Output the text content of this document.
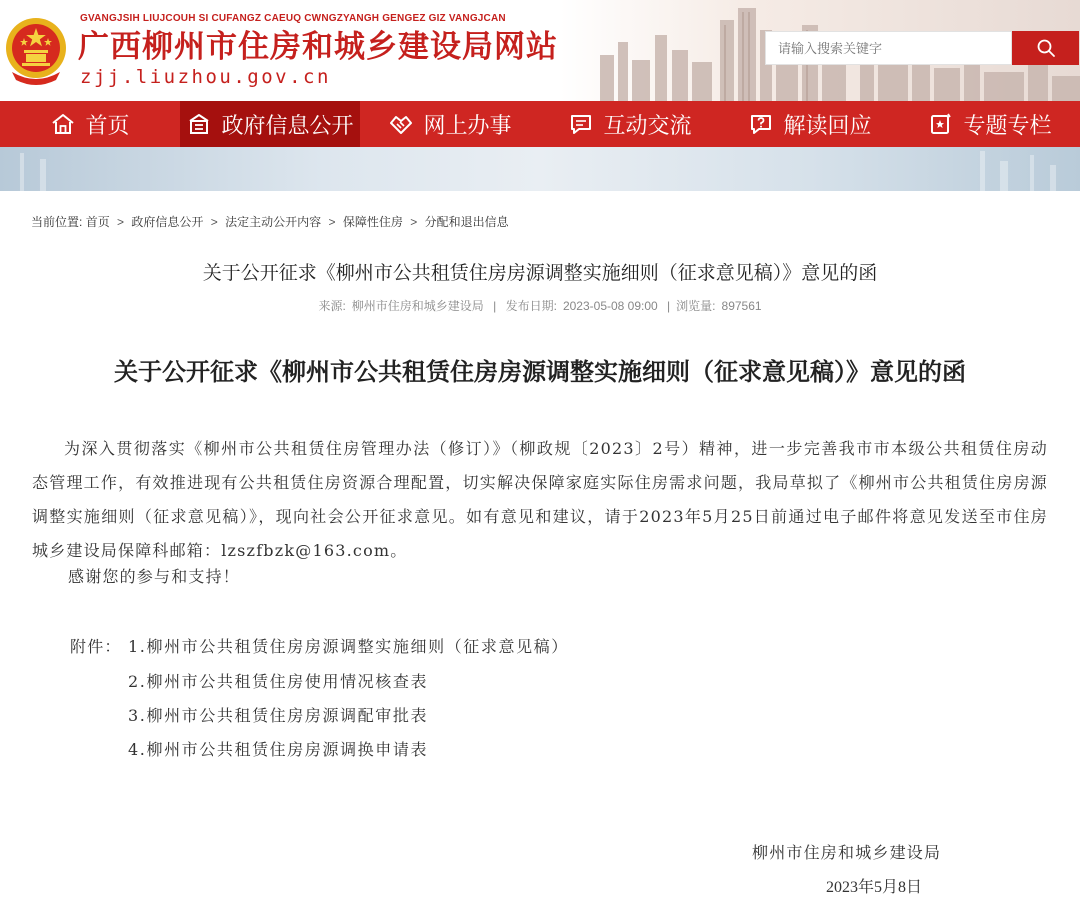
GVANGJSIH LIUJCOUH SI CUFANGZ CAEUQ CWNGZYANGH GENGEZ GIZ VANGJCAN
广西柳州市住房和城乡建设局网站
zjj.liuzhou.gov.cn
请输入搜索关键字
首页	政府信息公开	网上办事	互动交流	解读回应	专题专栏
当前位置: 首页 > 政府信息公开 > 法定主动公开内容 > 保障性住房 > 分配和退出信息
关于公开征求《柳州市公共租赁住房房源调整实施细则（征求意见稿）》意见的函
来源: 柳州市住房和城乡建设局 | 发布日期: 2023-05-08 09:00 | 浏览量: 897561
关于公开征求《柳州市公共租赁住房房源调整实施细则（征求意见稿）》意见的函

为深入贯彻落实《柳州市公共租赁住房管理办法（修订）》（柳政规〔2023〕2号）精神，进一步完善我市市本级公共租赁住房动态管理工作，有效推进现有公共租赁住房资源合理配置，切实解决保障家庭实际住房需求问题，我局草拟了《柳州市公共租赁住房房源调整实施细则（征求意见稿）》，现向社会公开征求意见。如有意见和建议，请于2023年5月25日前通过电子邮件将意见发送至市住房城乡建设局保障科邮箱：lzszfbzk@163.com。

感谢您的参与和支持！
附件： 1.柳州市公共租赁住房房源调整实施细则（征求意见稿）
2.柳州市公共租赁住房使用情况核查表
3.柳州市公共租赁住房房源调配审批表
4.柳州市公共租赁住房房源调换申请表
柳州市住房和城乡建设局
2023年5月8日
